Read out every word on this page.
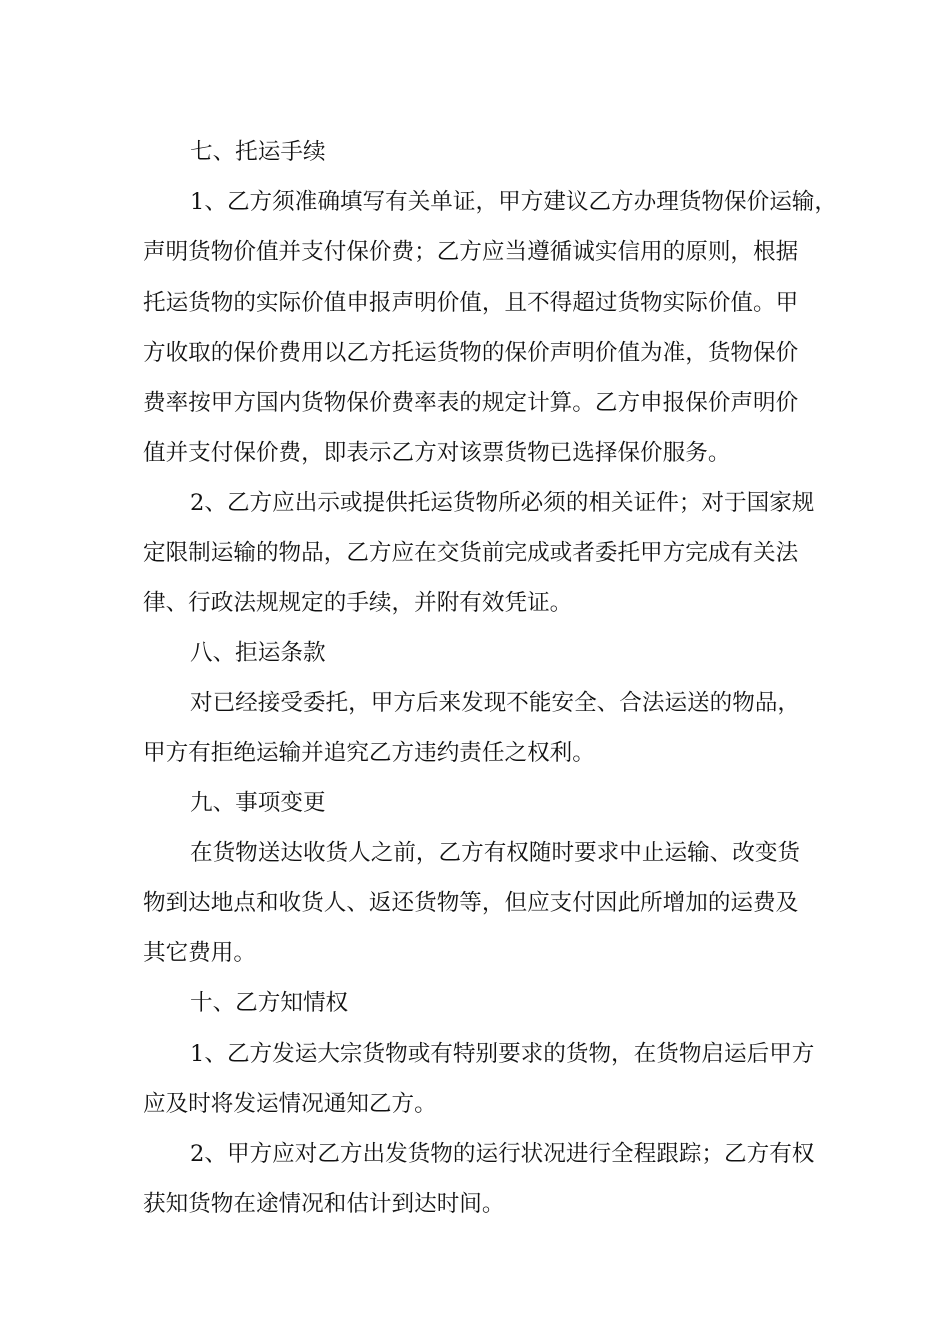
七、托运手续
1、乙方须准确填写有关单证，甲方建议乙方办理货物保价运输，
声明货物价值并支付保价费；乙方应当遵循诚实信用的原则，根据
托运货物的实际价值申报声明价值，且不得超过货物实际价值。甲
方收取的保价费用以乙方托运货物的保价声明价值为准，货物保价
费率按甲方国内货物保价费率表的规定计算。乙方申报保价声明价
值并支付保价费，即表示乙方对该票货物已选择保价服务。
2、乙方应出示或提供托运货物所必须的相关证件；对于国家规
定限制运输的物品，乙方应在交货前完成或者委托甲方完成有关法
律、行政法规规定的手续，并附有效凭证。
八、拒运条款
对已经接受委托，甲方后来发现不能安全、合法运送的物品，
甲方有拒绝运输并追究乙方违约责任之权利。
九、事项变更
在货物送达收货人之前，乙方有权随时要求中止运输、改变货
物到达地点和收货人、返还货物等，但应支付因此所增加的运费及
其它费用。
十、乙方知情权
1、乙方发运大宗货物或有特别要求的货物，在货物启运后甲方
应及时将发运情况通知乙方。
2、甲方应对乙方出发货物的运行状况进行全程跟踪；乙方有权
获知货物在途情况和估计到达时间。
